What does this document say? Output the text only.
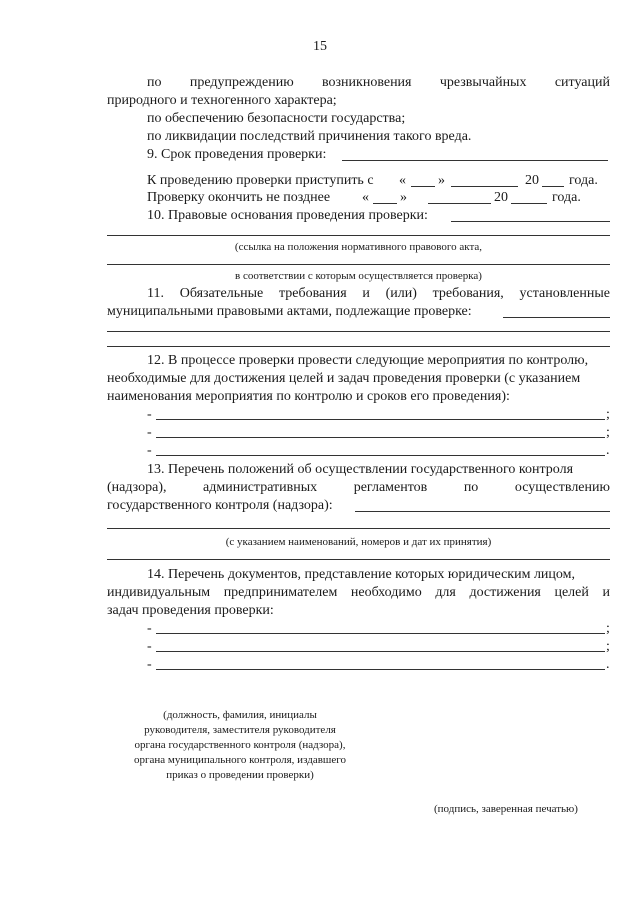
15
по предупреждению возникновения чрезвычайных ситуаций
природного и техногенного характера;
по обеспечению безопасности государства;
по ликвидации последствий причинения такого вреда.
9. Срок проведения проверки:
К проведению проверки приступить с « »	20 года.
Проверку окончить не позднее « »	20	года.
10. Правовые основания проведения проверки:
(ссылка на положения нормативного правового акта,
в соответствии с которым осуществляется проверка)
11. Обязательные требования и (или) требования, установленные
муниципальными правовыми актами, подлежащие проверке:
12. В процессе проверки провести следующие мероприятия по контролю,
необходимые для достижения целей и задач проведения проверки (с указанием
наименования мероприятия по контролю и сроков его проведения):
-	;
-	;
-	.
13. Перечень положений об осуществлении государственного контроля
(надзора),	административных	регламентов	по	осуществлению
государственного контроля (надзора):
(с указанием наименований, номеров и дат их принятия)
14. Перечень документов, представление которых юридическим лицом,
индивидуальным предпринимателем необходимо для достижения целей и
задач проведения проверки:
-	;
-	;
-	.
(должность, фамилия, инициалы
руководителя, заместителя руководителя
органа государственного контроля (надзора),
органа муниципального контроля, издавшего
приказ о проведении проверки)
(подпись, заверенная печатью)
